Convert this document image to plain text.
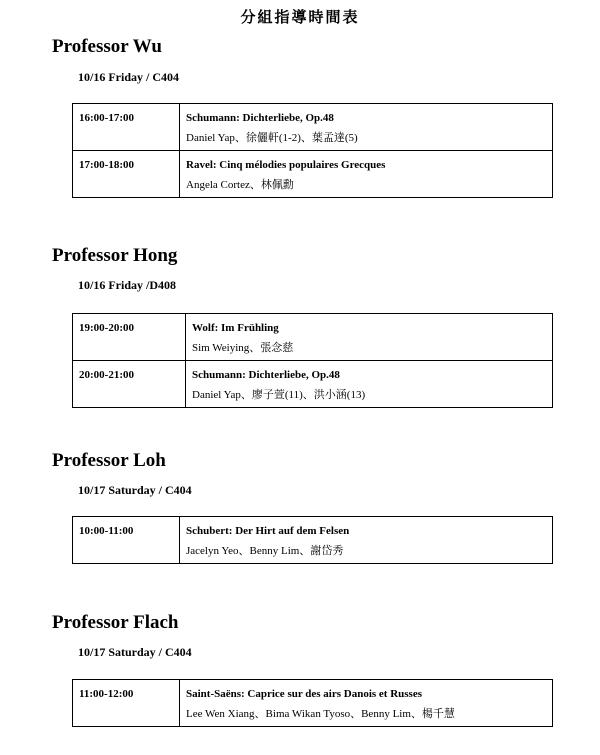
分組指導時間表
Professor Wu
10/16 Friday / C404
16:00-17:00	Schumann: Dichterliebe, Op.48
Daniel Yap、徐儷軒(1-2)、葉孟達(5)

17:00-18:00	Ravel: Cinq mélodies populaires Grecques
Angela Cortez、林佩勳
Professor Hong
10/16 Friday /D408
19:00-20:00	Wolf: Im Frühling
Sim Weiying、張念慈

20:00-21:00	Schumann: Dichterliebe, Op.48
Daniel Yap、廖子萱(11)、洪小涵(13)
Professor Loh
10/17 Saturday / C404
10:00-11:00	Schubert: Der Hirt auf dem Felsen
Jacelyn Yeo、Benny Lim、謝岱秀
Professor Flach
10/17 Saturday / C404
11:00-12:00	Saint-Saëns: Caprice sur des airs Danois et Russes
Lee Wen Xiang、Bima Wikan Tyoso、Benny Lim、楊千慧
